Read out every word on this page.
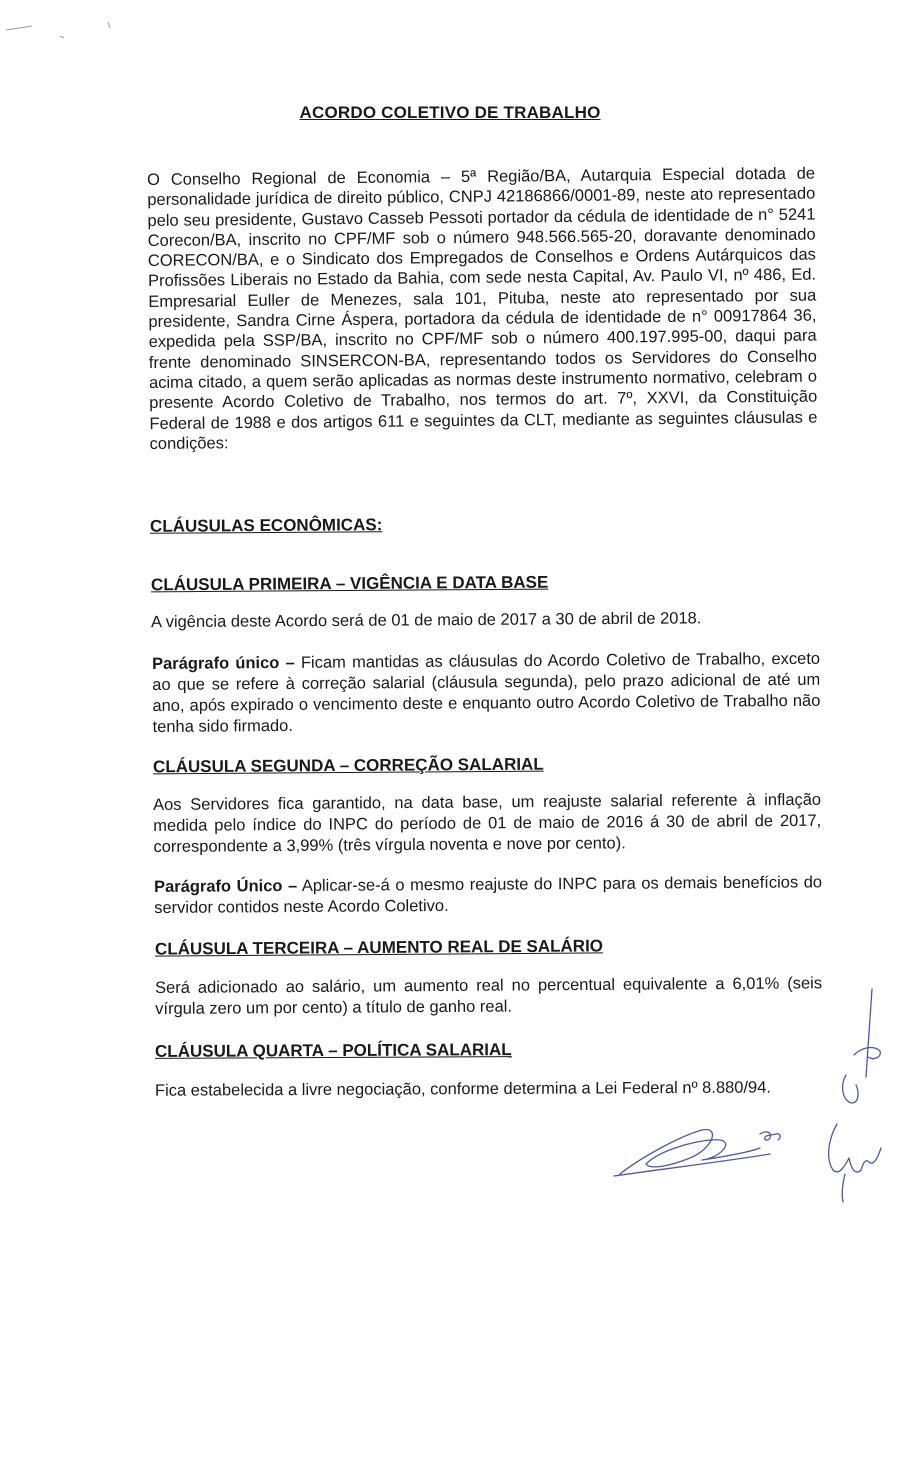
ACORDO COLETIVO DE TRABALHO
O Conselho Regional de Economia – 5ª Região/BA, Autarquia Especial dotada de personalidade jurídica de direito público, CNPJ 42186866/0001-89, neste ato representado pelo seu presidente, Gustavo Casseb Pessoti portador da cédula de identidade de n° 5241 Corecon/BA, inscrito no CPF/MF sob o número 948.566.565-20, doravante denominado CORECON/BA, e o Sindicato dos Empregados de Conselhos e Ordens Autárquicos das Profissões Liberais no Estado da Bahia, com sede nesta Capital, Av. Paulo VI, nº 486, Ed. Empresarial Euller de Menezes, sala 101, Pituba, neste ato representado por sua presidente, Sandra Cirne Áspera, portadora da cédula de identidade de n° 00917864 36, expedida pela SSP/BA, inscrito no CPF/MF sob o número 400.197.995-00, daqui para frente denominado SINSERCON-BA, representando todos os Servidores do Conselho acima citado, a quem serão aplicadas as normas deste instrumento normativo, celebram o presente Acordo Coletivo de Trabalho, nos termos do art. 7º, XXVI, da Constituição Federal de 1988 e dos artigos 611 e seguintes da CLT, mediante as seguintes cláusulas e condições:
CLÁUSULAS ECONÔMICAS:
CLÁUSULA PRIMEIRA – VIGÊNCIA E DATA BASE
A vigência deste Acordo será de 01 de maio de 2017 a 30 de abril de 2018.
Parágrafo único – Ficam mantidas as cláusulas do Acordo Coletivo de Trabalho, exceto ao que se refere à correção salarial (cláusula segunda), pelo prazo adicional de até um ano, após expirado o vencimento deste e enquanto outro Acordo Coletivo de Trabalho não tenha sido firmado.
CLÁUSULA SEGUNDA – CORREÇÃO SALARIAL
Aos Servidores fica garantido, na data base, um reajuste salarial referente à inflação medida pelo índice do INPC do período de 01 de maio de 2016 á 30 de abril de 2017, correspondente a 3,99% (três vírgula noventa e nove por cento).
Parágrafo Único – Aplicar-se-á o mesmo reajuste do INPC para os demais benefícios do servidor contidos neste Acordo Coletivo.
CLÁUSULA TERCEIRA – AUMENTO REAL DE SALÁRIO
Será adicionado ao salário, um aumento real no percentual equivalente a 6,01% (seis vírgula zero um por cento) a título de ganho real.
CLÁUSULA QUARTA – POLÍTICA SALARIAL
Fica estabelecida a livre negociação, conforme determina a Lei Federal nº 8.880/94.
